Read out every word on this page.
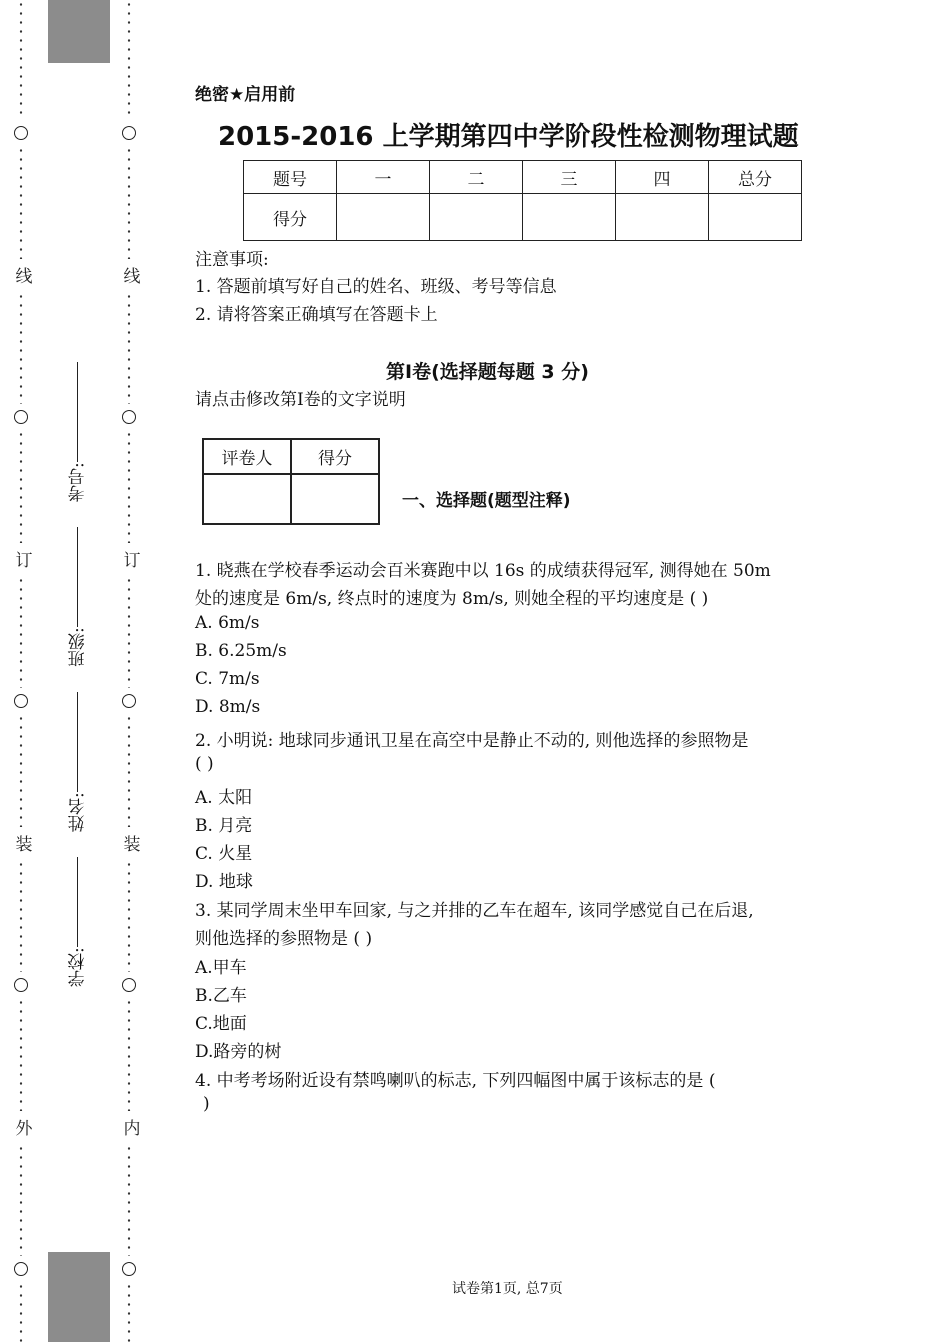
线
订
装
外
线
订
装
内
考号:
班级:
姓名:
学校:
绝密★启用前
2015-2016 上学期第四中学阶段性检测物理试题
题号	一	二	三	四	总分
得分					
注意事项:
1. 答题前填写好自己的姓名、班级、考号等信息
2. 请将答案正确填写在答题卡上
第Ⅰ卷(选择题每题 3 分)
请点击修改第Ⅰ卷的文字说明
评卷人	得分

一、选择题(题型注释)
1. 晓燕在学校春季运动会百米赛跑中以 16s 的成绩获得冠军, 测得她在 50m
处的速度是 6m/s, 终点时的速度为 8m/s, 则她全程的平均速度是 ( )
A. 6m/s
B. 6.25m/s
C. 7m/s
D. 8m/s
2. 小明说: 地球同步通讯卫星在高空中是静止不动的, 则他选择的参照物是
( )
A. 太阳
B. 月亮
C. 火星
D. 地球
3. 某同学周末坐甲车回家, 与之并排的乙车在超车, 该同学感觉自己在后退,
则他选择的参照物是 ( )
A.甲车
B.乙车
C.地面
D.路旁的树
4. 中考考场附近设有禁鸣喇叭的标志, 下列四幅图中属于该标志的是 (
)
试卷第1页, 总7页
